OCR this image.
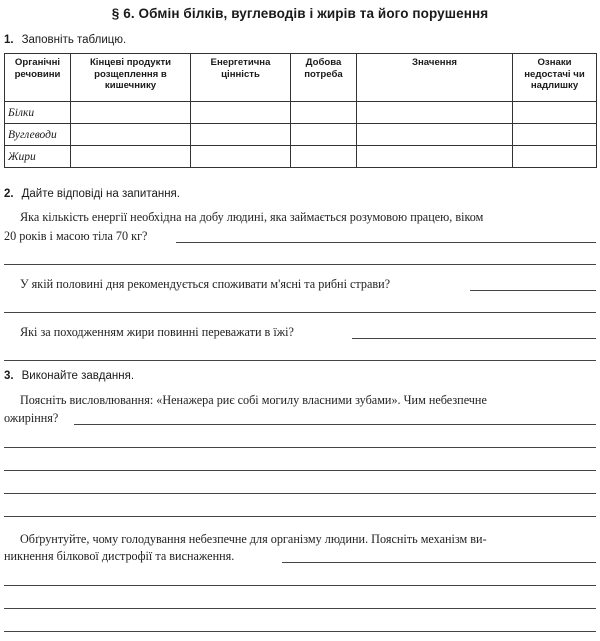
§ 6. Обмін білків, вуглеводів і жирів та його порушення
1. Заповніть таблицю.
Органічні речовини	Кінцеві продукти розщеплення в кишечнику	Енергетична цінність	Добова потреба	Значення	Ознаки недостачі чи надлишку
Білки					
Вуглеводи					
Жири					
2. Дайте відповіді на запитання.
Яка кількість енергії необхідна на добу людині, яка займається розумовою працею, віком
20 років і масою тіла 70 кг?
У якій половині дня рекомендується споживати м'ясні та рибні страви?
Які за походженням жири повинні переважати в їжі?
3. Виконайте завдання.
Поясніть висловлювання: «Ненажера риє собі могилу власними зубами». Чим небезпечне
ожиріння?
Обґрунтуйте, чому голодування небезпечне для організму людини. Поясніть механізм ви-
никнення білкової дистрофії та виснаження.
